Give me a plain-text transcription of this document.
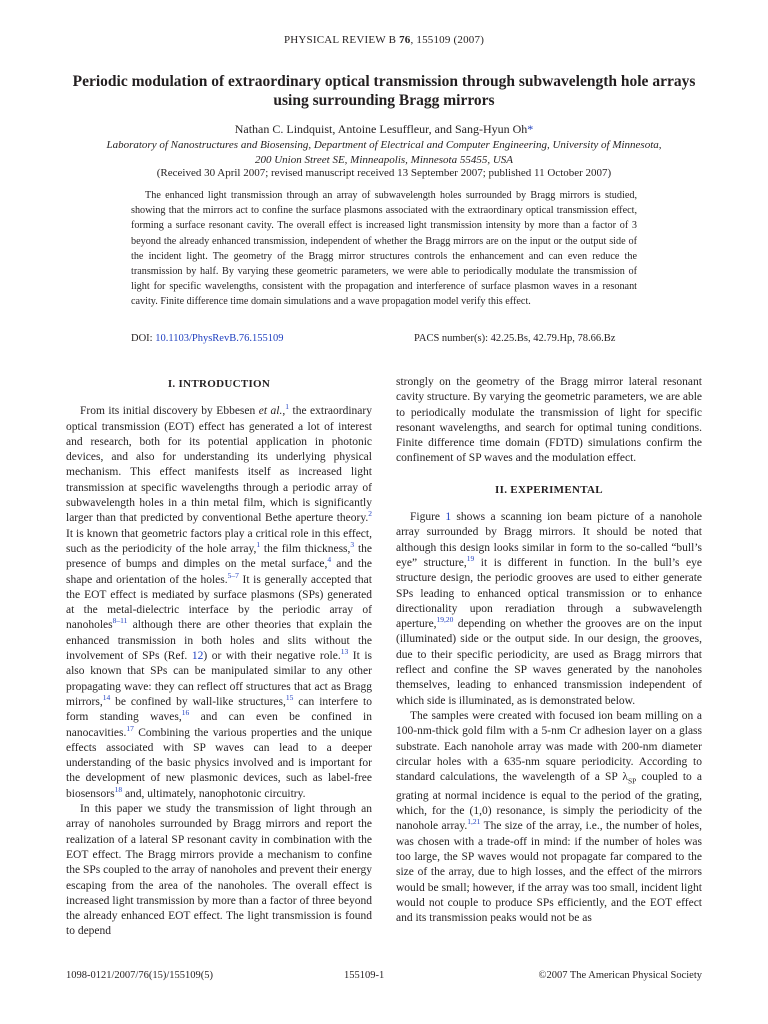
PHYSICAL REVIEW B 76, 155109 (2007)
Periodic modulation of extraordinary optical transmission through subwavelength hole arrays using surrounding Bragg mirrors
Nathan C. Lindquist, Antoine Lesuffleur, and Sang-Hyun Oh*
Laboratory of Nanostructures and Biosensing, Department of Electrical and Computer Engineering, University of Minnesota,
200 Union Street SE, Minneapolis, Minnesota 55455, USA
(Received 30 April 2007; revised manuscript received 13 September 2007; published 11 October 2007)

The enhanced light transmission through an array of subwavelength holes surrounded by Bragg mirrors is studied, showing that the mirrors act to confine the surface plasmons associated with the extraordinary optical transmission effect, forming a surface resonant cavity. The overall effect is increased light transmission intensity by more than a factor of 3 beyond the already enhanced transmission, independent of whether the Bragg mirrors are on the input or the output side of the incident light. The geometry of the Bragg mirror structures controls the enhancement and can even reduce the transmission by half. By varying these geometric parameters, we were able to periodically modulate the transmission of light for specific wavelengths, consistent with the propagation and interference of surface plasmon waves in a resonant cavity. Finite difference time domain simulations and a wave propagation model verify this effect.

DOI: 10.1103/PhysRevB.76.155109	PACS number(s): 42.25.Bs, 42.79.Hp, 78.66.Bz
I. INTRODUCTION

From its initial discovery by Ebbesen et al.,$^1$ the extraordinary optical transmission (EOT) effect has generated a lot of interest and research, both for its potential application in photonic devices, and also for understanding its underlying physical mechanism. This effect manifests itself as increased light transmission at specific wavelengths through a periodic array of subwavelength holes in a thin metal film, which is significantly larger than that predicted by conventional Bethe aperture theory.$^2$ It is known that geometric factors play a critical role in this effect, such as the periodicity of the hole array,$^1$ the film thickness,$^3$ the presence of bumps and dimples on the metal surface,$^4$ and the shape and orientation of the holes.$^{5-7}$ It is generally accepted that the EOT effect is mediated by surface plasmons (SPs) generated at the metal-dielectric interface by the periodic array of nanoholes$^{8-11}$ although there are other theories that explain the enhanced transmission in both holes and slits without the involvement of SPs (Ref. 12) or with their negative role.$^{13}$ It is also known that SPs can be manipulated similar to any other propagating wave: they can reflect off structures that act as Bragg mirrors,$^{14}$ be confined by wall-like structures,$^{15}$ can interfere to form standing waves,$^{16}$ and can even be confined in nanocavities.$^{17}$ Combining the various properties and the unique effects associated with SP waves can lead to a deeper understanding of the basic physics involved and is important for the development of new plasmonic devices, such as label-free biosensors$^{18}$ and, ultimately, nanophotonic circuitry.

In this paper we study the transmission of light through an array of nanoholes surrounded by Bragg mirrors and report the realization of a lateral SP resonant cavity in combination with the EOT effect. The Bragg mirrors provide a mechanism to confine the SPs coupled to the array of nanoholes and prevent their energy escaping from the area of the nanoholes. The overall effect is increased light transmission by more than a factor of three beyond the already enhanced EOT effect. The light transmission is found to depend

strongly on the geometry of the Bragg mirror lateral resonant cavity structure. By varying the geometric parameters, we are able to periodically modulate the transmission of light for specific resonant wavelengths, and search for optimal tuning conditions. Finite difference time domain (FDTD) simulations confirm the confinement of SP waves and the modulation effect.

II. EXPERIMENTAL

Figure 1 shows a scanning ion beam picture of a nanohole array surrounded by Bragg mirrors. It should be noted that although this design looks similar in form to the so-called “bull’s eye” structure,$^{19}$ it is different in function. In the bull’s eye structure design, the periodic grooves are used to either generate SPs leading to enhanced optical transmission or to enhance directionality upon reradiation through a subwavelength aperture,$^{19,20}$ depending on whether the grooves are on the input (illuminated) side or the output side. In our design, the grooves, due to their specific periodicity, are used as Bragg mirrors that reflect and confine the SP waves generated by the nanoholes themselves, leading to enhanced transmission independent of which side is illuminated, as is demonstrated below.

The samples were created with focused ion beam milling on a 100-nm-thick gold film with a 5-nm Cr adhesion layer on a glass substrate. Each nanohole array was made with 200-nm diameter circular holes with a 635-nm square periodicity. According to standard calculations, the wavelength of a SP $\lambda_{SP}$ coupled to a grating at normal incidence is equal to the period of the grating, which, for the (1,0) resonance, is simply the periodicity of the nanohole array.$^{1,21}$ The size of the array, i.e., the number of holes, was chosen with a trade-off in mind: if the number of holes was too large, the SP waves would not propagate far compared to the size of the array, due to high losses, and the effect of the mirrors would be small; however, if the array was too small, incident light would not couple to produce SPs efficiently, and the EOT effect and its transmission peaks would not be as

1098-0121/2007/76(15)/155109(5)	155109-1	©2007 The American Physical Society
